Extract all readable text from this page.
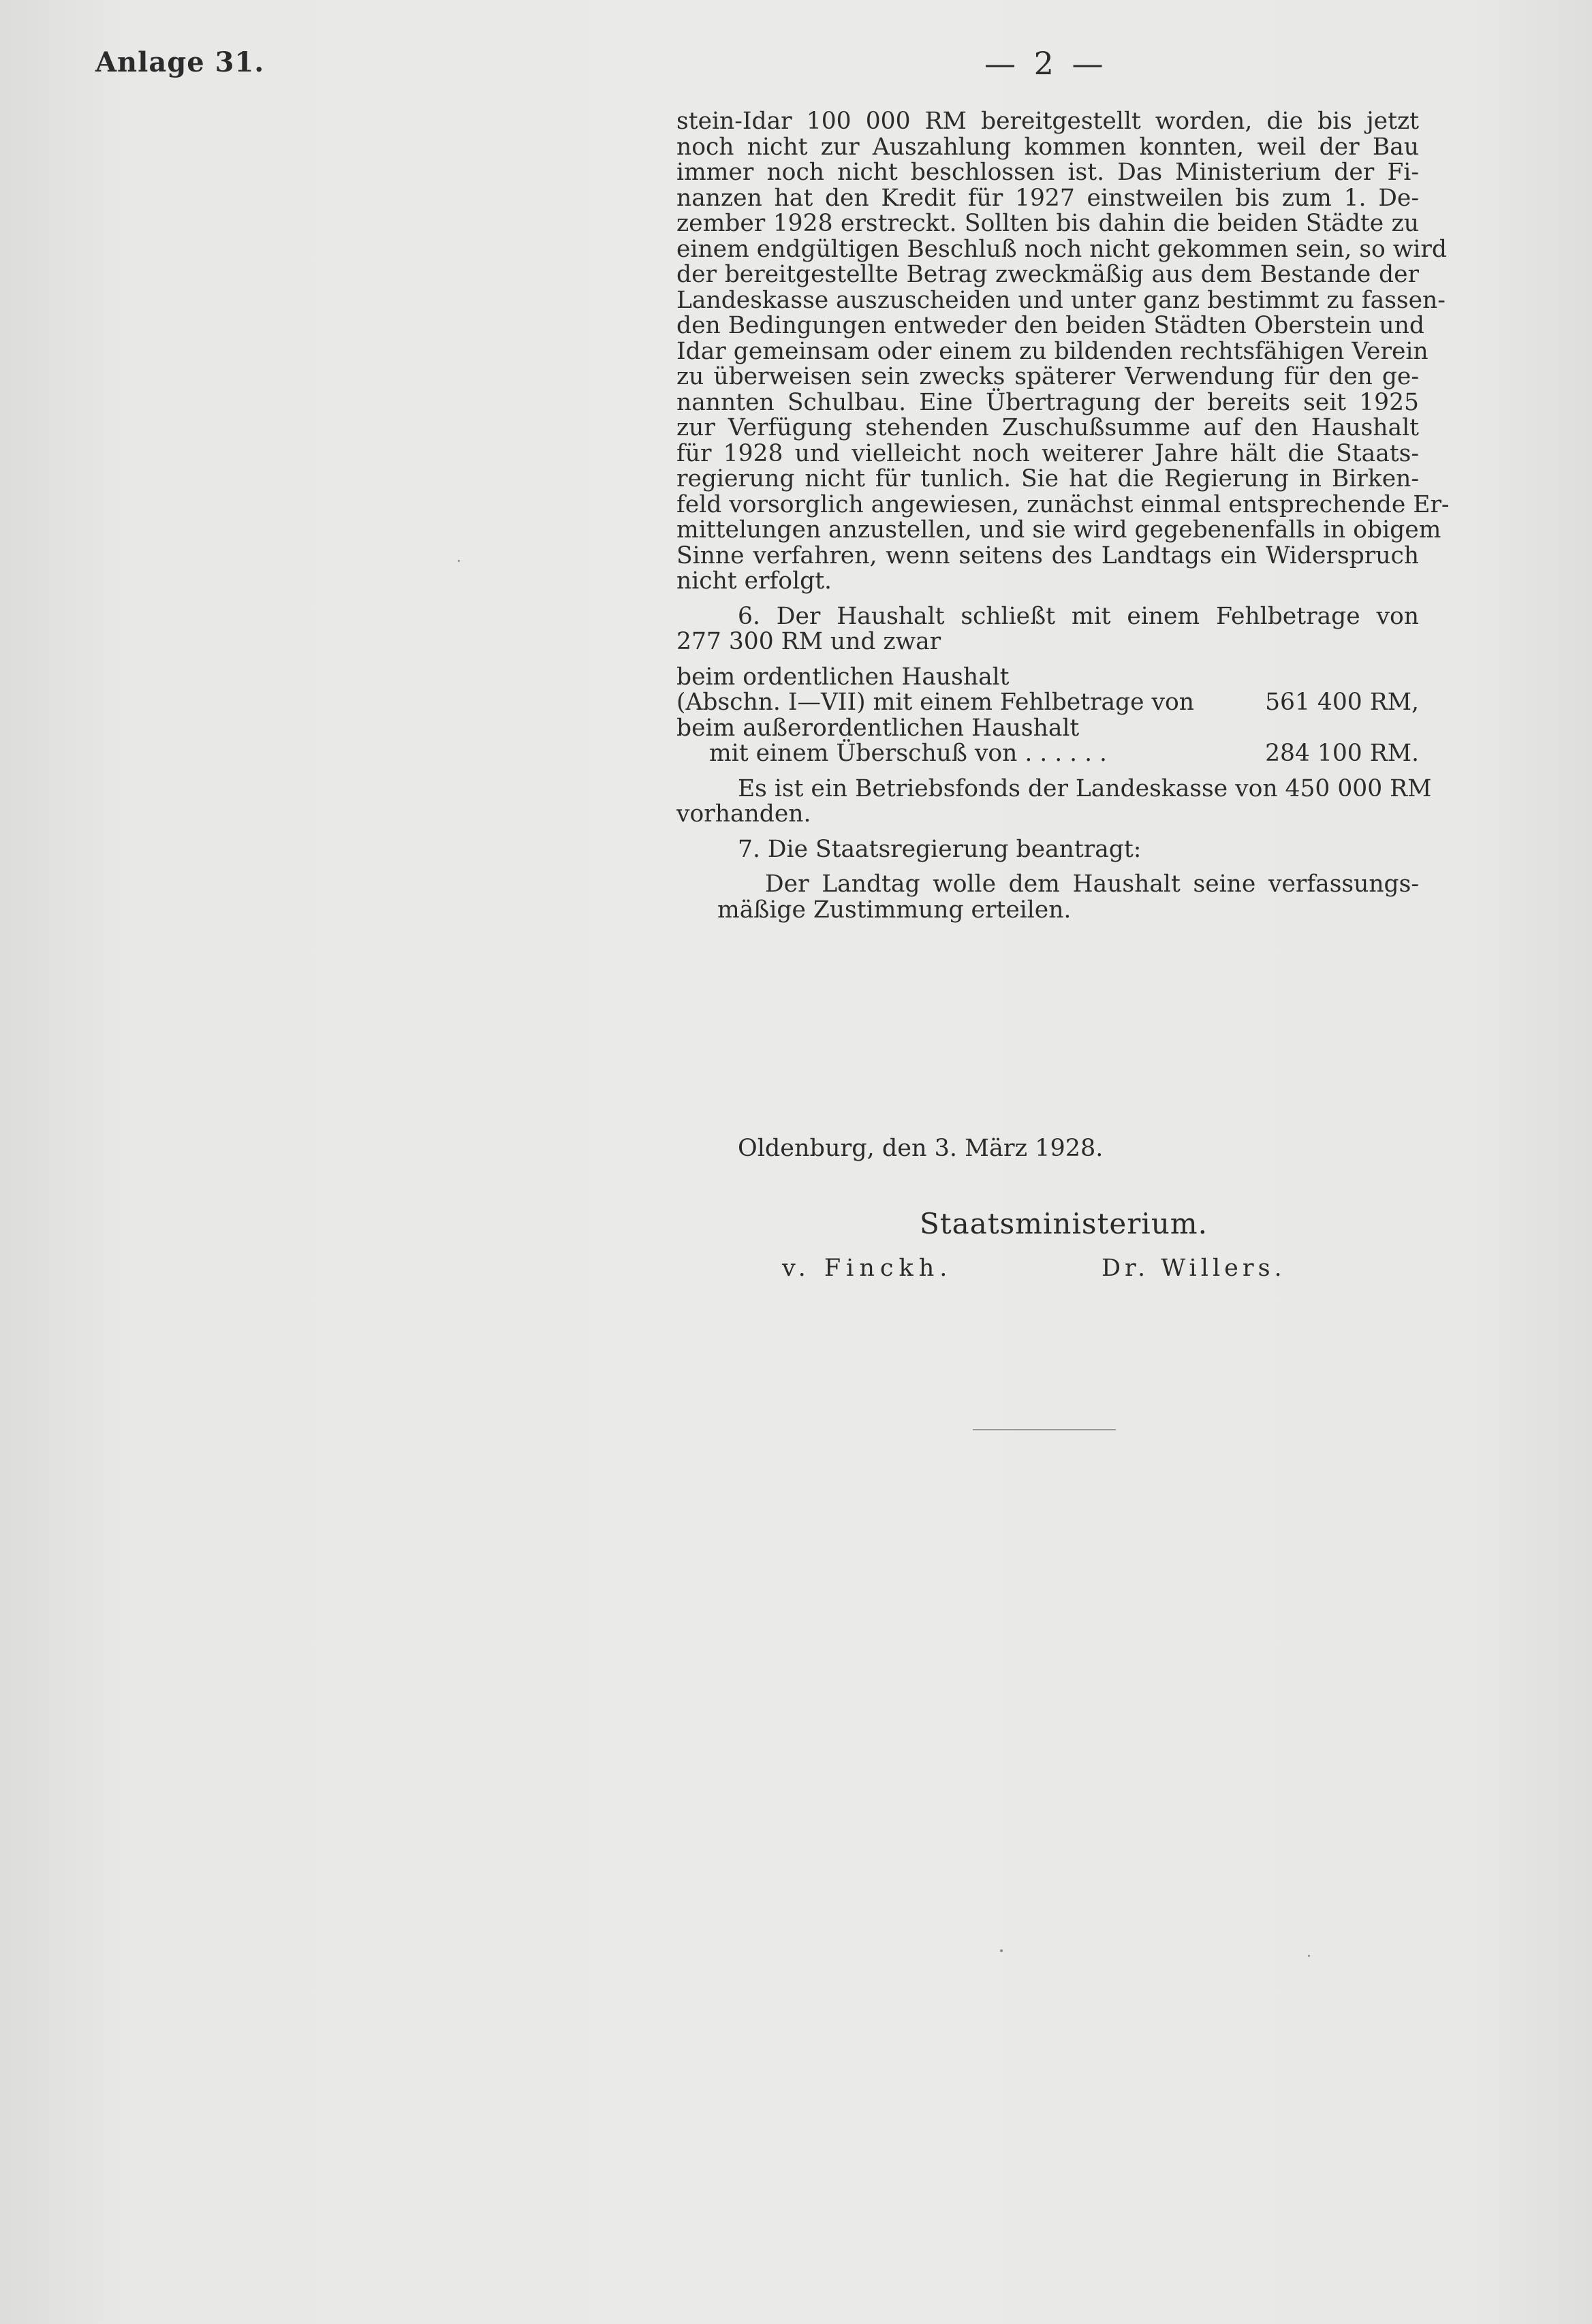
Anlage 31.	— 2 —
stein-Idar 100 000 RM bereitgestellt worden, die bis jetzt
noch nicht zur Auszahlung kommen konnten, weil der Bau
immer noch nicht beschlossen ist. Das Ministerium der Fi-
nanzen hat den Kredit für 1927 einstweilen bis zum 1. De-
zember 1928 erstreckt. Sollten bis dahin die beiden Städte zu
einem endgültigen Beschluß noch nicht gekommen sein, so wird
der bereitgestellte Betrag zweckmäßig aus dem Bestande der
Landeskasse auszuscheiden und unter ganz bestimmt zu fassen-
den Bedingungen entweder den beiden Städten Oberstein und
Idar gemeinsam oder einem zu bildenden rechtsfähigen Verein
zu überweisen sein zwecks späterer Verwendung für den ge-
nannten Schulbau. Eine Übertragung der bereits seit 1925
zur Verfügung stehenden Zuschußsumme auf den Haushalt
für 1928 und vielleicht noch weiterer Jahre hält die Staats-
regierung nicht für tunlich. Sie hat die Regierung in Birken-
feld vorsorglich angewiesen, zunächst einmal entsprechende Er-
mittelungen anzustellen, und sie wird gegebenenfalls in obigem
Sinne verfahren, wenn seitens des Landtags ein Widerspruch
nicht erfolgt.
6. Der Haushalt schließt mit einem Fehlbetrage von
277 300 RM und zwar
beim ordentlichen Haushalt
(Abschn. I—VII) mit einem Fehlbetrage von	561 400 RM,
beim außerordentlichen Haushalt
mit einem Überschuß von . . . . . .	284 100 RM.
Es ist ein Betriebsfonds der Landeskasse von 450 000 RM
vorhanden.
7. Die Staatsregierung beantragt:
Der Landtag wolle dem Haushalt seine verfassungs-
mäßige Zustimmung erteilen.
Oldenburg, den 3. März 1928.
Staatsministerium.
v. Finckh.	Dr. Willers.
